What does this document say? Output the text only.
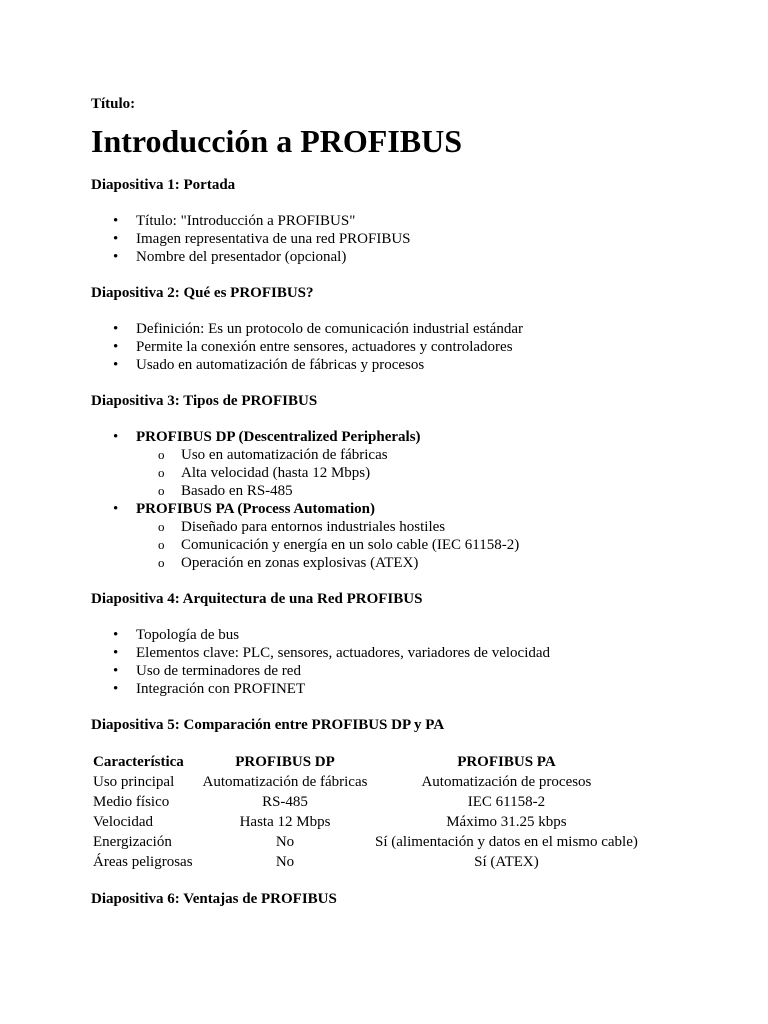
Título:

Introducción a PROFIBUS

Diapositiva 1: Portada

• Título: "Introducción a PROFIBUS"
• Imagen representativa de una red PROFIBUS
• Nombre del presentador (opcional)

Diapositiva 2: Qué es PROFIBUS?

• Definición: Es un protocolo de comunicación industrial estándar
• Permite la conexión entre sensores, actuadores y controladores
• Usado en automatización de fábricas y procesos

Diapositiva 3: Tipos de PROFIBUS

• PROFIBUS DP (Descentralized Peripherals)
o Uso en automatización de fábricas
o Alta velocidad (hasta 12 Mbps)
o Basado en RS-485
• PROFIBUS PA (Process Automation)
o Diseñado para entornos industriales hostiles
o Comunicación y energía en un solo cable (IEC 61158-2)
o Operación en zonas explosivas (ATEX)

Diapositiva 4: Arquitectura de una Red PROFIBUS

• Topología de bus
• Elementos clave: PLC, sensores, actuadores, variadores de velocidad
• Uso de terminadores de red
• Integración con PROFINET

Diapositiva 5: Comparación entre PROFIBUS DP y PA

Característica	PROFIBUS DP	PROFIBUS PA
Uso principal	Automatización de fábricas	Automatización de procesos
Medio físico	RS-485	IEC 61158-2
Velocidad	Hasta 12 Mbps	Máximo 31.25 kbps
Energización	No	Sí (alimentación y datos en el mismo cable)
Áreas peligrosas	No	Sí (ATEX)

Diapositiva 6: Ventajas de PROFIBUS
